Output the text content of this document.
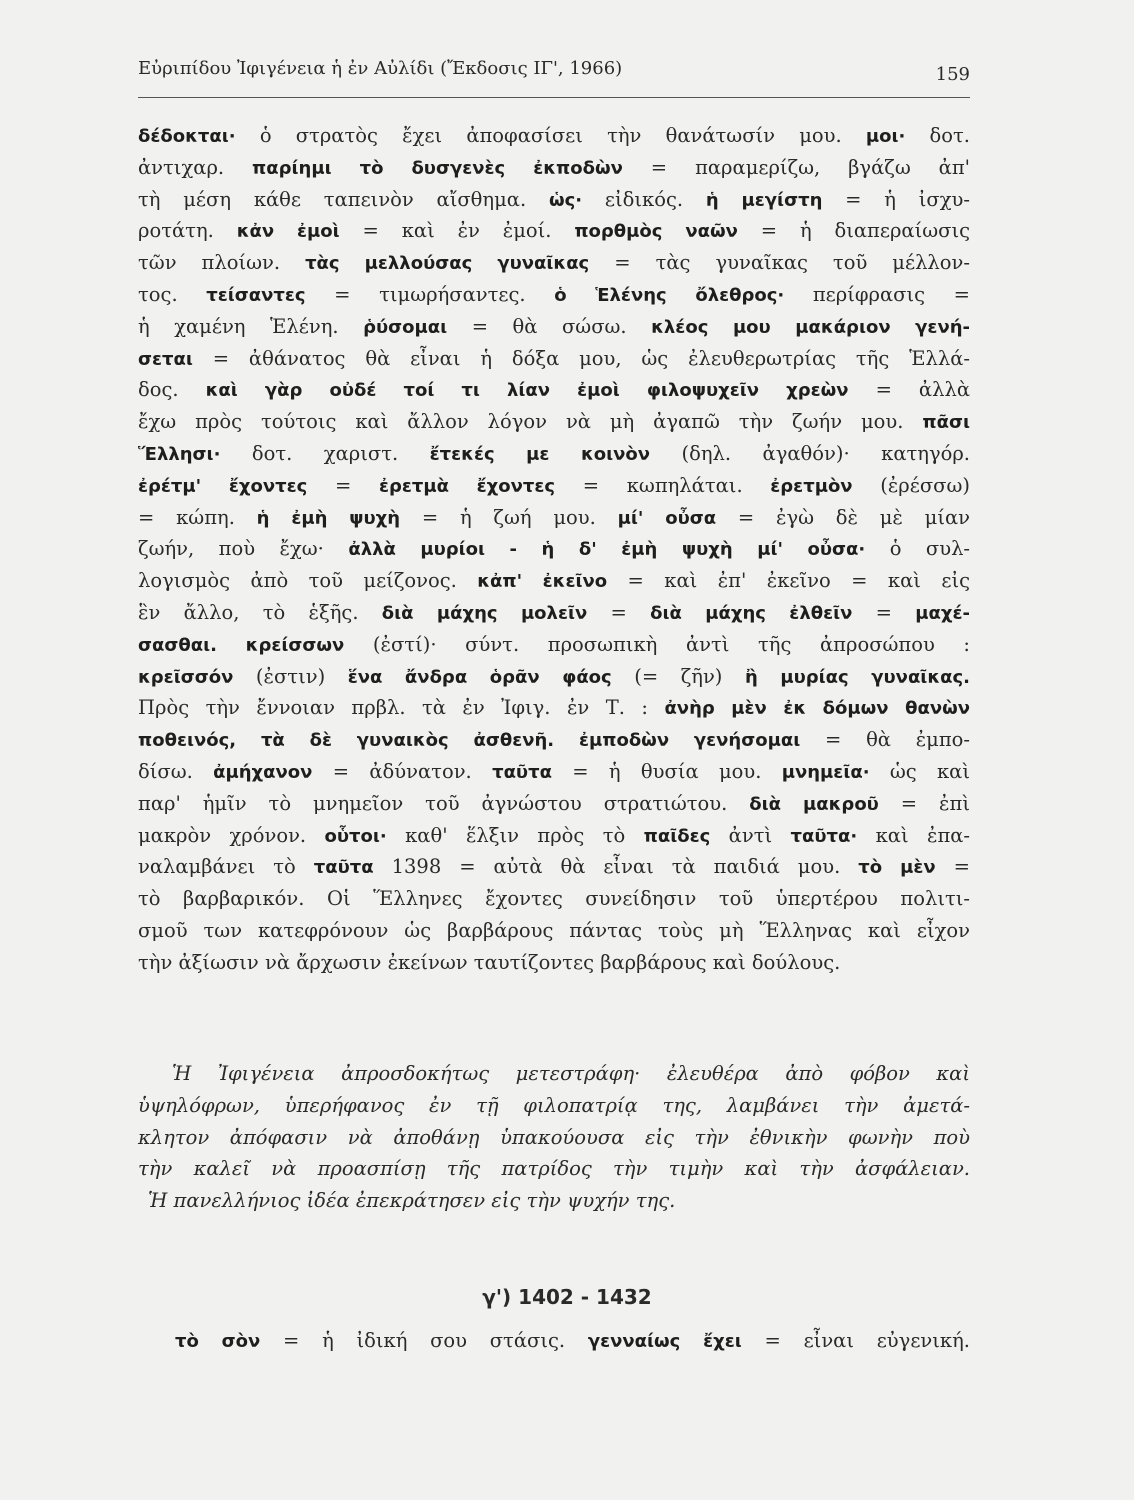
Εὐριπίδου Ἰφιγένεια ἡ ἐν Αὐλίδι (Ἔκδοσις ΙΓ', 1966)	159
δέδοκται· ὁ στρατὸς ἔχει ἀποφασίσει τὴν θανάτωσίν μου. μοι· δοτ.
ἀντιχαρ. παρίημι τὸ δυσγενὲς ἐκποδὼν = παραμερίζω, βγάζω ἀπ'
τὴ μέση κάθε ταπεινὸν αἴσθημα. ὡς· εἰδικός. ἡ μεγίστη = ἡ ἰσχυ-
ροτάτη. κἀν ἐμοὶ = καὶ ἐν ἐμοί. πορθμὸς ναῶν = ἡ διαπεραίωσις
τῶν πλοίων. τὰς μελλούσας γυναῖκας = τὰς γυναῖκας τοῦ μέλλον-
τος. τείσαντες = τιμωρήσαντες. ὁ Ἑλένης ὄλεθρος· περίφρασις =
ἡ χαμένη Ἑλένη. ῥύσομαι = θὰ σώσω. κλέος μου μακάριον γενή-
σεται = ἀθάνατος θὰ εἶναι ἡ δόξα μου, ὡς ἐλευθερωτρίας τῆς Ἑλλά-
δος. καὶ γὰρ οὐδέ τοί τι λίαν ἐμοὶ φιλοψυχεῖν χρεὼν = ἀλλὰ
ἔχω πρὸς τούτοις καὶ ἄλλον λόγον νὰ μὴ ἀγαπῶ τὴν ζωήν μου. πᾶσι
Ἕλλησι· δοτ. χαριστ. ἔτεκές με κοινὸν (δηλ. ἀγαθόν)· κατηγόρ.
ἐρέτμ' ἔχοντες = ἐρετμὰ ἔχοντες = κωπηλάται. ἐρετμὸν (ἐρέσσω)
= κώπη. ἡ ἐμὴ ψυχὴ = ἡ ζωή μου. μί' οὖσα = ἐγὼ δὲ μὲ μίαν
ζωήν, ποὺ ἔχω· ἀλλὰ μυρίοι - ἡ δ' ἐμὴ ψυχὴ μί' οὖσα· ὁ συλ-
λογισμὸς ἀπὸ τοῦ μείζονος. κἀπ' ἐκεῖνο = καὶ ἐπ' ἐκεῖνο = καὶ εἰς
ἓν ἄλλο, τὸ ἑξῆς. διὰ μάχης μολεῖν = διὰ μάχης ἐλθεῖν = μαχέ-
σασθαι. κρείσσων (ἐστί)· σύντ. προσωπικὴ ἀντὶ τῆς ἀπροσώπου :
κρεῖσσόν (ἐστιν) ἕνα ἄνδρα ὁρᾶν φάος (= ζῆν) ἢ μυρίας γυναῖκας.
Πρὸς τὴν ἔννοιαν πρβλ. τὰ ἐν Ἰφιγ. ἐν Τ. : ἀνὴρ μὲν ἐκ δόμων θανὼν
ποθεινός, τὰ δὲ γυναικὸς ἀσθενῆ. ἐμποδὼν γενήσομαι = θὰ ἐμπο-
δίσω. ἀμήχανον = ἀδύνατον. ταῦτα = ἡ θυσία μου. μνημεῖα· ὡς καὶ
παρ' ἡμῖν τὸ μνημεῖον τοῦ ἀγνώστου στρατιώτου. διὰ μακροῦ = ἐπὶ
μακρὸν χρόνον. οὗτοι· καθ' ἕλξιν πρὸς τὸ παῖδες ἀντὶ ταῦτα· καὶ ἐπα-
ναλαμβάνει τὸ ταῦτα 1398 = αὐτὰ θὰ εἶναι τὰ παιδιά μου. τὸ μὲν =
τὸ βαρβαρικόν. Οἱ Ἕλληνες ἔχοντες συνείδησιν τοῦ ὑπερτέρου πολιτι-
σμοῦ των κατεφρόνουν ὡς βαρβάρους πάντας τοὺς μὴ Ἕλληνας καὶ εἶχον
τὴν ἀξίωσιν νὰ ἄρχωσιν ἐκείνων ταυτίζοντες βαρβάρους καὶ δούλους.
Ἡ Ἰφιγένεια ἀπροσδοκήτως μετεστράφη· ἐλευθέρα ἀπὸ φόβον καὶ
ὑψηλόφρων, ὑπερήφανος ἐν τῇ φιλοπατρίᾳ της, λαμβάνει τὴν ἀμετά-
κλητον ἀπόφασιν νὰ ἀποθάνῃ ὑπακούουσα εἰς τὴν ἐθνικὴν φωνὴν ποὺ
τὴν καλεῖ νὰ προασπίσῃ τῆς πατρίδος τὴν τιμὴν καὶ τὴν ἀσφάλειαν.
Ἡ πανελλήνιος ἰδέα ἐπεκράτησεν εἰς τὴν ψυχήν της.
γ') 1402 - 1432
τὸ σὸν = ἡ ἰδική σου στάσις. γενναίως ἔχει = εἶναι εὐγενική.
